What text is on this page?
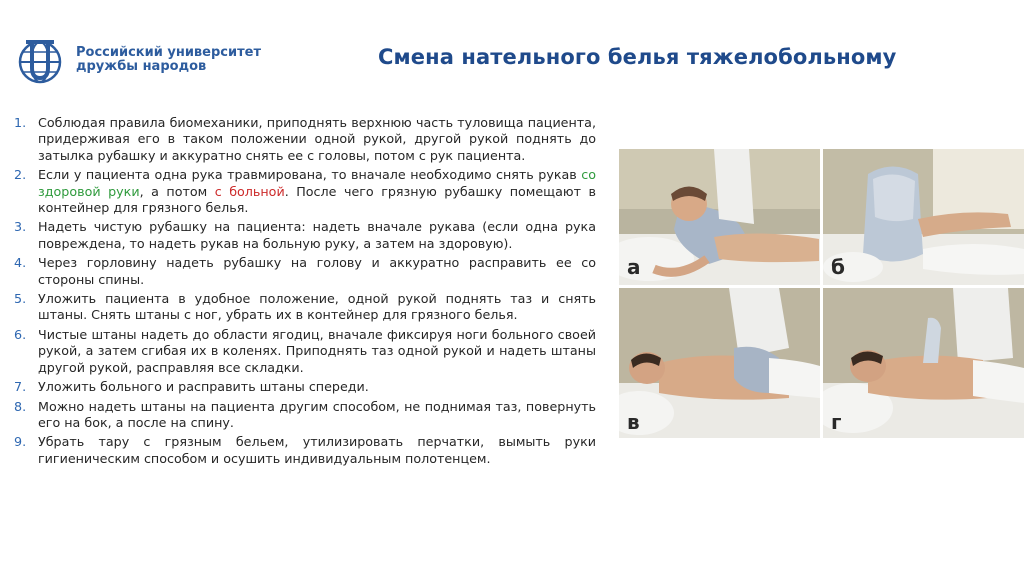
Российский университет
дружбы народов	Смена нательного белья тяжелобольному
1. Соблюдая правила биомеханики, приподнять верхнюю часть туловища пациента, придерживая его в таком положении одной рукой, другой рукой поднять до затылка рубашку и аккуратно снять ее с головы, потом с рук пациента.
2. Если у пациента одна рука травмирована, то вначале необходимо снять рукав со здоровой руки, а потом с больной. После чего грязную рубашку помещают в контейнер для грязного белья.
3. Надеть чистую рубашку на пациента: надеть вначале рукава (если одна рука повреждена, то надеть рукав на больную руку, а затем на здоровую).
4. Через горловину надеть рубашку на голову и аккуратно расправить ее со стороны спины.
5. Уложить пациента в удобное положение, одной рукой поднять таз и снять штаны. Снять штаны с ног, убрать их в контейнер для грязного белья.
6. Чистые штаны надеть до области ягодиц, вначале фиксируя ноги больного своей рукой, а затем сгибая их в коленях. Приподнять таз одной рукой и надеть штаны другой рукой, расправляя все складки.
7. Уложить больного и расправить штаны спереди.
8. Можно надеть штаны на пациента другим способом, не поднимая таз, повернуть его на бок, а после на спину.
9. Убрать тару с грязным бельем, утилизировать перчатки, вымыть руки гигиеническим способом и осушить индивидуальным полотенцем.
а	б
в	г
